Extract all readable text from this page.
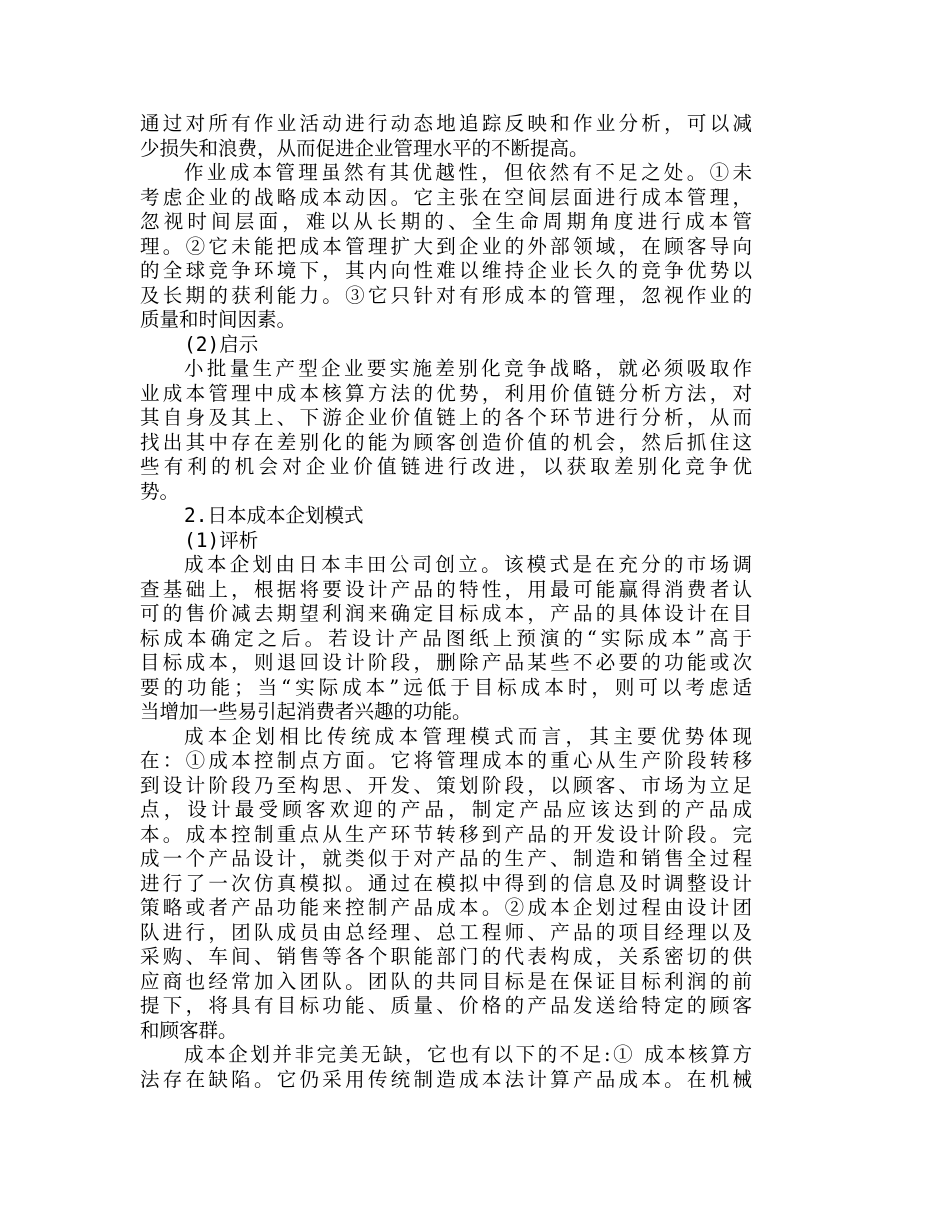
通过对所有作业活动进行动态地追踪反映和作业分析，可以减
少损失和浪费，从而促进企业管理水平的不断提高。
作业成本管理虽然有其优越性，但依然有不足之处。①未
考虑企业的战略成本动因。它主张在空间层面进行成本管理，
忽视时间层面，难以从长期的、全生命周期角度进行成本管
理。②它未能把成本管理扩大到企业的外部领域，在顾客导向
的全球竞争环境下，其内向性难以维持企业长久的竞争优势以
及长期的获利能力。③它只针对有形成本的管理，忽视作业的
质量和时间因素。
(2)启示
小批量生产型企业要实施差别化竞争战略，就必须吸取作
业成本管理中成本核算方法的优势，利用价值链分析方法，对
其自身及其上、下游企业价值链上的各个环节进行分析，从而
找出其中存在差别化的能为顾客创造价值的机会，然后抓住这
些有利的机会对企业价值链进行改进，以获取差别化竞争优
势。
2.日本成本企划模式
(1)评析
成本企划由日本丰田公司创立。该模式是在充分的市场调
查基础上，根据将要设计产品的特性，用最可能赢得消费者认
可的售价减去期望利润来确定目标成本，产品的具体设计在目
标成本确定之后。若设计产品图纸上预演的“实际成本”高于
目标成本，则退回设计阶段，删除产品某些不必要的功能或次
要的功能；当“实际成本”远低于目标成本时，则可以考虑适
当增加一些易引起消费者兴趣的功能。
成本企划相比传统成本管理模式而言，其主要优势体现
在：①成本控制点方面。它将管理成本的重心从生产阶段转移
到设计阶段乃至构思、开发、策划阶段，以顾客、市场为立足
点，设计最受顾客欢迎的产品，制定产品应该达到的产品成
本。成本控制重点从生产环节转移到产品的开发设计阶段。完
成一个产品设计，就类似于对产品的生产、制造和销售全过程
进行了一次仿真模拟。通过在模拟中得到的信息及时调整设计
策略或者产品功能来控制产品成本。②成本企划过程由设计团
队进行，团队成员由总经理、总工程师、产品的项目经理以及
采购、车间、销售等各个职能部门的代表构成，关系密切的供
应商也经常加入团队。团队的共同目标是在保证目标利润的前
提下，将具有目标功能、质量、价格的产品发送给特定的顾客
和顾客群。
成本企划并非完美无缺，它也有以下的不足:① 成本核算方
法存在缺陷。它仍采用传统制造成本法计算产品成本。在机械
